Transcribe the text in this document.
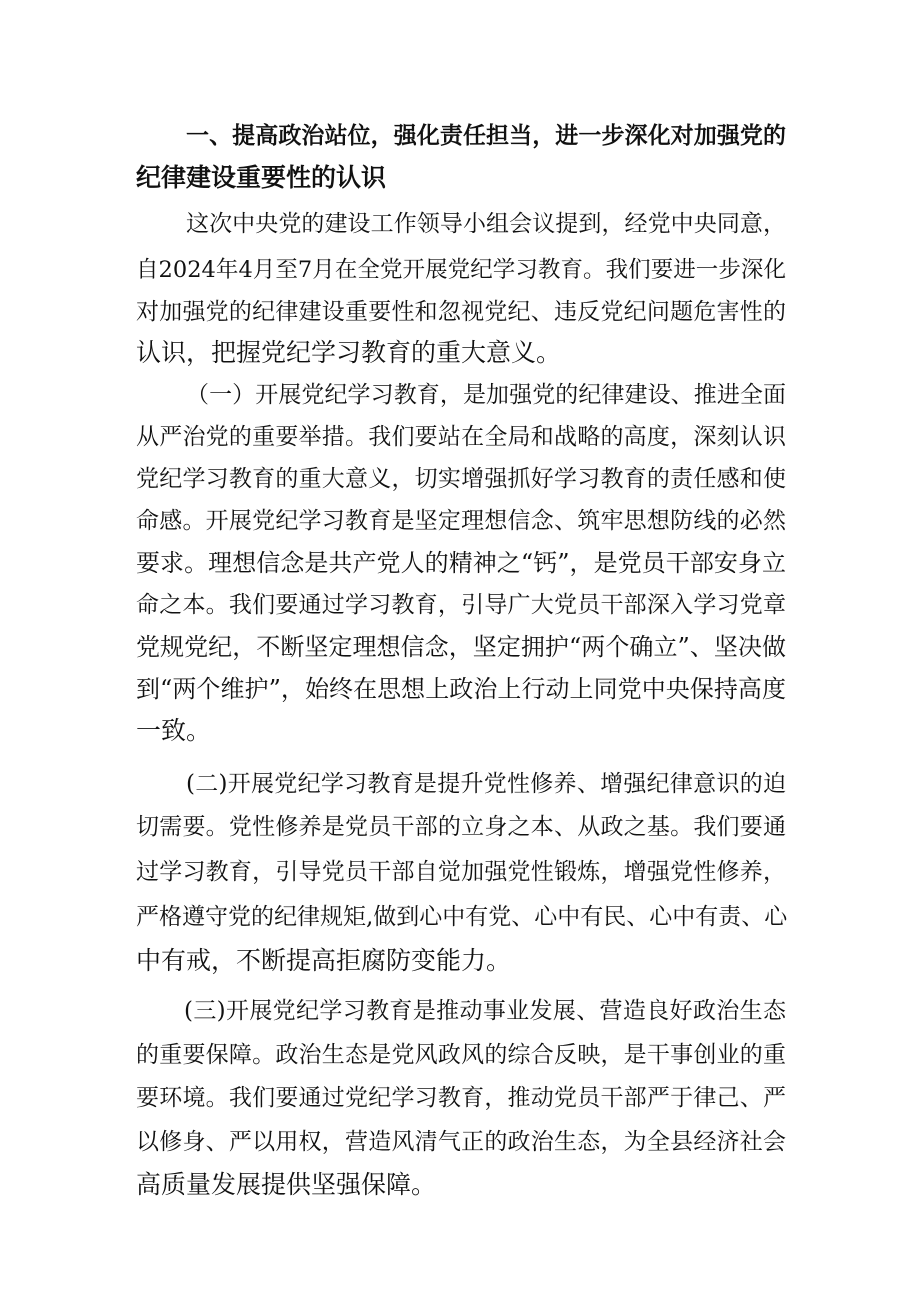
一、提高政治站位，强化责任担当，进一步深化对加强党的
纪律建设重要性的认识
这次中央党的建设工作领导小组会议提到，经党中央同意，
自2024年4月至7月在全党开展党纪学习教育。我们要进一步深化
对加强党的纪律建设重要性和忽视党纪、违反党纪问题危害性的
认识，把握党纪学习教育的重大意义。
（一）开展党纪学习教育，是加强党的纪律建设、推进全面
从严治党的重要举措。我们要站在全局和战略的高度，深刻认识
党纪学习教育的重大意义，切实增强抓好学习教育的责任感和使
命感。开展党纪学习教育是坚定理想信念、筑牢思想防线的必然
要求。理想信念是共产党人的精神之“钙”，是党员干部安身立
命之本。我们要通过学习教育，引导广大党员干部深入学习党章
党规党纪，不断坚定理想信念，坚定拥护“两个确立”、坚决做
到“两个维护”，始终在思想上政治上行动上同党中央保持高度
一致。
(二)开展党纪学习教育是提升党性修养、增强纪律意识的迫
切需要。党性修养是党员干部的立身之本、从政之基。我们要通
过学习教育，引导党员干部自觉加强党性锻炼，增强党性修养，
严格遵守党的纪律规矩,做到心中有党、心中有民、心中有责、心
中有戒，不断提高拒腐防变能力。
(三)开展党纪学习教育是推动事业发展、营造良好政治生态
的重要保障。政治生态是党风政风的综合反映，是干事创业的重
要环境。我们要通过党纪学习教育，推动党员干部严于律己、严
以修身、严以用权，营造风清气正的政治生态，为全县经济社会
高质量发展提供坚强保障。
